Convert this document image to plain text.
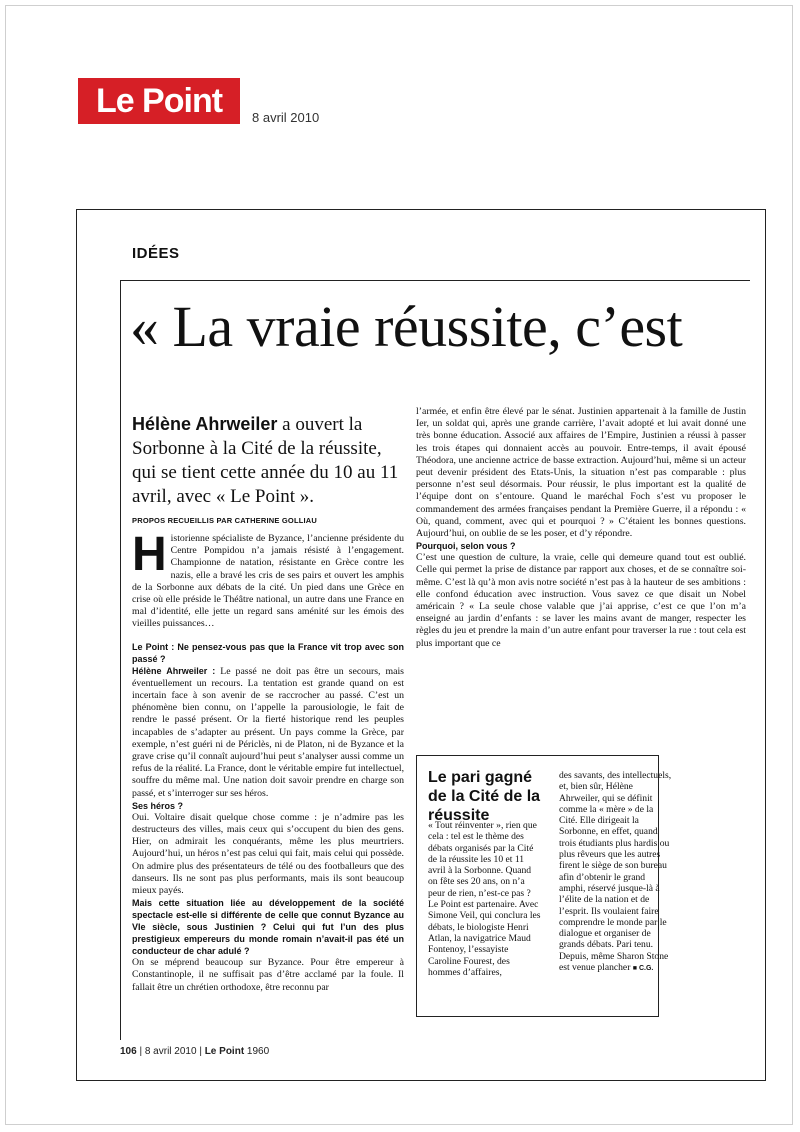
Le Point	8 avril 2010
IDÉES
« La vraie réussite, c’est
Hélène Ahrweiler a ouvert la Sorbonne à la Cité de la réussite, qui se tient cette année du 10 au 11 avril, avec « Le Point ».
PROPOS RECUEILLIS PAR CATHERINE GOLLIAU

Historienne spécialiste de Byzance, l’ancienne présidente du Centre Pompidou n’a jamais résisté à l’engagement. Championne de natation, résistante en Grèce contre les nazis, elle a bravé les cris de ses pairs et ouvert les amphis de la Sorbonne aux débats de la cité. Un pied dans une Grèce en crise où elle préside le Théâtre national, un autre dans une France en mal d’identité, elle jette un regard sans aménité sur les émois des vieilles puissances…

Le Point : Ne pensez-vous pas que la France vit trop avec son passé ?

Hélène Ahrweiler : Le passé ne doit pas être un secours, mais éventuellement un recours. La tentation est grande quand on est incertain face à son avenir de se raccrocher au passé. C’est un phénomène bien connu, on l’appelle la parousiologie, le fait de rendre le passé présent. Or la fierté historique rend les peuples incapables de s’adapter au présent. Un pays comme la Grèce, par exemple, n’est guéri ni de Périclès, ni de Platon, ni de Byzance et la grave crise qu’il connaît aujourd’hui peut s’analyser aussi comme un refus de la réalité. La France, dont le véritable empire fut intellectuel, souffre du même mal. Une nation doit savoir prendre en charge son passé, et s’interroger sur ses héros.

Ses héros ?

Oui. Voltaire disait quelque chose comme : je n’admire pas les destructeurs des villes, mais ceux qui s’occupent du bien des gens. Hier, on admirait les conquérants, même les plus meurtriers. Aujourd’hui, un héros n’est pas celui qui fait, mais celui qui possède. On admire plus des présentateurs de télé ou des footballeurs que des danseurs. Ils ne sont pas plus performants, mais ils sont beaucoup mieux payés.

Mais cette situation liée au développement de la société spectacle est-elle si différente de celle que connut Byzance au VIe siècle, sous Justinien ? Celui qui fut l’un des plus prestigieux empereurs du monde romain n’avait-il pas été un conducteur de char adulé ?

On se méprend beaucoup sur Byzance. Pour être empereur à Constantinople, il ne suffisait pas d’être acclamé par la foule. Il fallait être un chrétien orthodoxe, être reconnu par

l’armée, et enfin être élevé par le sénat. Justinien appartenait à la famille de Justin Ier, un soldat qui, après une grande carrière, l’avait adopté et lui avait donné une très bonne éducation. Associé aux affaires de l’Empire, Justinien a réussi à passer les trois étapes qui donnaient accès au pouvoir. Entre-temps, il avait épousé Théodora, une ancienne actrice de basse extraction. Aujourd’hui, même si un acteur peut devenir président des Etats-Unis, la situation n’est pas comparable : plus personne n’est seul désormais. Pour réussir, le plus important est la qualité de l’équipe dont on s’entoure. Quand le maréchal Foch s’est vu proposer le commandement des armées françaises pendant la Première Guerre, il a répondu : « Où, quand, comment, avec qui et pourquoi ? » C’étaient les bonnes questions. Aujourd’hui, on oublie de se les poser, et d’y répondre.

Pourquoi, selon vous ?

C’est une question de culture, la vraie, celle qui demeure quand tout est oublié. Celle qui permet la prise de distance par rapport aux choses, et de se connaître soi-même. C’est là qu’à mon avis notre société n’est pas à la hauteur de ses ambitions : elle confond éducation avec instruction. Vous savez ce que disait un Nobel américain ? « La seule chose valable que j’ai apprise, c’est ce que l’on m’a enseigné au jardin d’enfants : se laver les mains avant de manger, respecter les règles du jeu et prendre la main d’un autre enfant pour traverser la rue : tout cela est plus important que ce

Le pari gagné de la Cité de la réussite
« Tout réinventer », rien que cela : tel est le thème des débats organisés par la Cité de la réussite les 10 et 11 avril à la Sorbonne. Quand on fête ses 20 ans, on n’a peur de rien, n’est-ce pas ? Le Point est partenaire. Avec Simone Veil, qui conclura les débats, le biologiste Henri Atlan, la navigatrice Maud Fontenoy, l’essayiste Caroline Fourest, des hommes d’affaires,
des savants, des intellectuels, et, bien sûr, Hélène Ahrweiler, qui se définit comme la « mère » de la Cité. Elle dirigeait la Sorbonne, en effet, quand trois étudiants plus hardis ou plus rêveurs que les autres firent le siège de son bureau afin d’obtenir le grand amphi, réservé jusque-là à l’élite de la nation et de l’esprit. Ils voulaient faire comprendre le monde par le dialogue et organiser de grands débats. Pari tenu. Depuis, même Sharon Stone est venue plancher ■ C.G.
106 | 8 avril 2010 | Le Point 1960
